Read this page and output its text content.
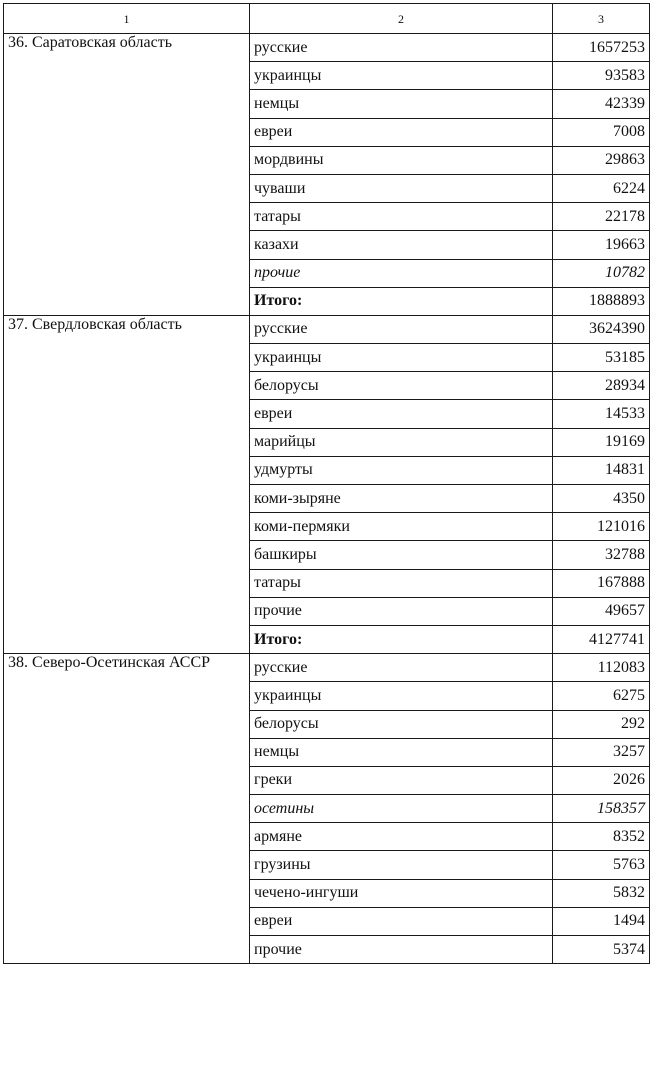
1	2	3
36. Саратовская область	русские	1657253
	украинцы	93583
	немцы	42339
	евреи	7008
	мордвины	29863
	чуваши	6224
	татары	22178
	казахи	19663
	прочие	10782
	Итого:	1888893
37. Свердловская область	русские	3624390
	украинцы	53185
	белорусы	28934
	евреи	14533
	марийцы	19169
	удмурты	14831
	коми-зыряне	4350
	коми-пермяки	121016
	башкиры	32788
	татары	167888
	прочие	49657
	Итого:	4127741
38. Северо-Осетинская АССР	русские	112083
	украинцы	6275
	белорусы	292
	немцы	3257
	греки	2026
	осетины	158357
	армяне	8352
	грузины	5763
	чечено-ингуши	5832
	евреи	1494
	прочие	5374
